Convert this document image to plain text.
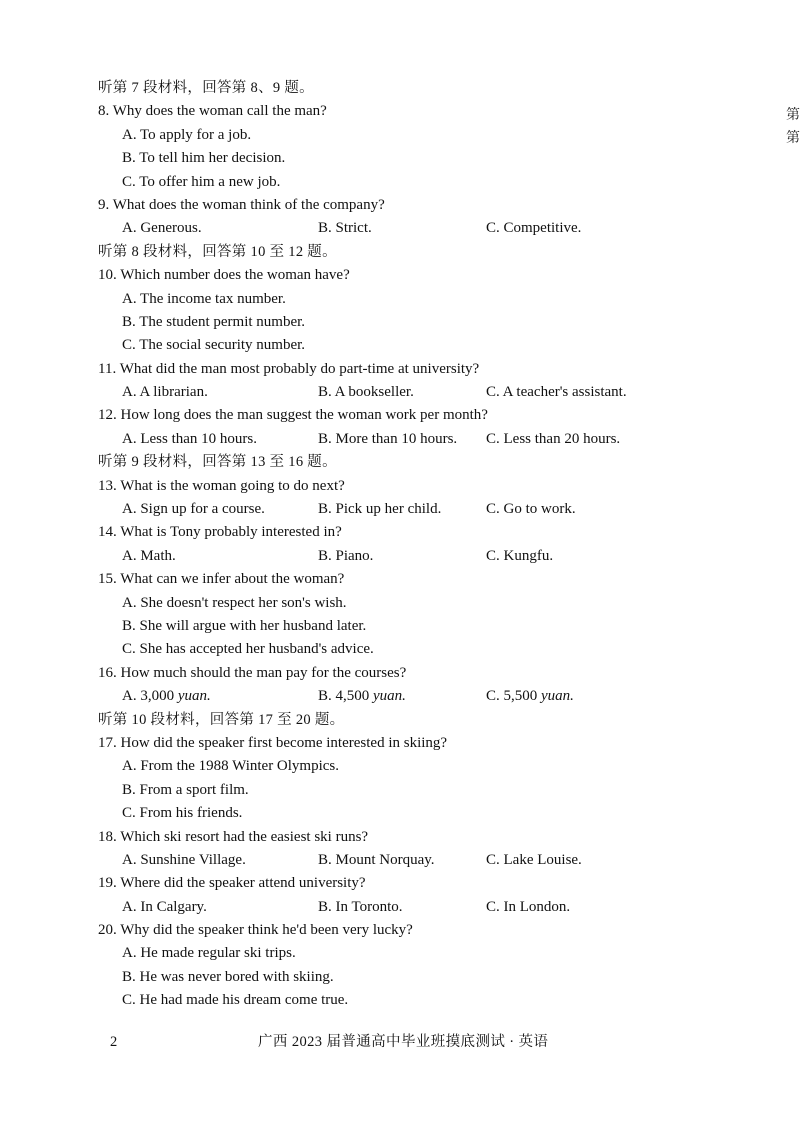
第
第
听第 7 段材料，回答第 8、9 题。
8. Why does the woman call the man?
A. To apply for a job.
B. To tell him her decision.
C. To offer him a new job.
9. What does the woman think of the company?
A. Generous.	B. Strict.	C. Competitive.
听第 8 段材料，回答第 10 至 12 题。
10. Which number does the woman have?
A. The income tax number.
B. The student permit number.
C. The social security number.
11. What did the man most probably do part-time at university?
A. A librarian.	B. A bookseller.	C. A teacher's assistant.
12. How long does the man suggest the woman work per month?
A. Less than 10 hours.	B. More than 10 hours. C. Less than 20 hours.
听第 9 段材料，回答第 13 至 16 题。
13. What is the woman going to do next?
A. Sign up for a course.	B. Pick up her child.	C. Go to work.
14. What is Tony probably interested in?
A. Math.	B. Piano.	C. Kungfu.
15. What can we infer about the woman?
A. She doesn't respect her son's wish.
B. She will argue with her husband later.
C. She has accepted her husband's advice.
16. How much should the man pay for the courses?
A. 3,000 yuan.	B. 4,500 yuan.	C. 5,500 yuan.
听第 10 段材料，回答第 17 至 20 题。
17. How did the speaker first become interested in skiing?
A. From the 1988 Winter Olympics.
B. From a sport film.
C. From his friends.
18. Which ski resort had the easiest ski runs?
A. Sunshine Village.	B. Mount Norquay.	C. Lake Louise.
19. Where did the speaker attend university?
A. In Calgary.	B. In Toronto.	C. In London.
20. Why did the speaker think he'd been very lucky?
A. He made regular ski trips.
B. He was never bored with skiing.
C. He had made his dream come true.
2	广西 2023 届普通高中毕业班摸底测试 · 英语
